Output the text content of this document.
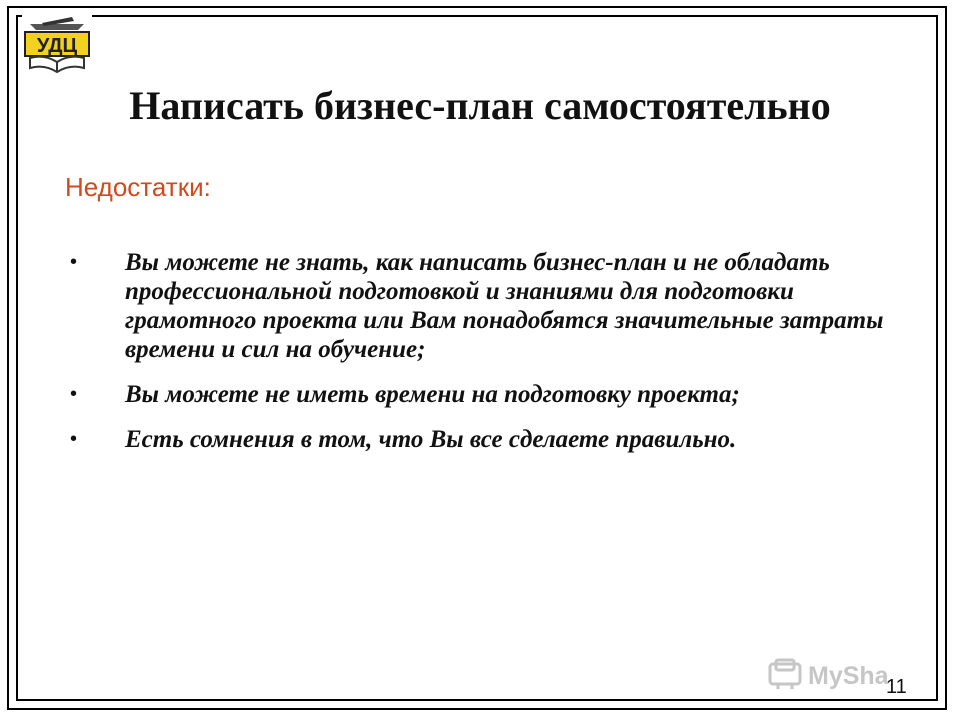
УДЦ
Написать бизнес-план самостоятельно
Недостатки:
• Вы можете не знать, как написать бизнес-план и не обладать профессиональной подготовкой и знаниями для подготовки грамотного проекта или Вам понадобятся значительные затраты времени и сил на обучение;
• Вы можете не иметь времени на подготовку проекта;
• Есть сомнения в том, что Вы все сделаете правильно.
MySha
11
